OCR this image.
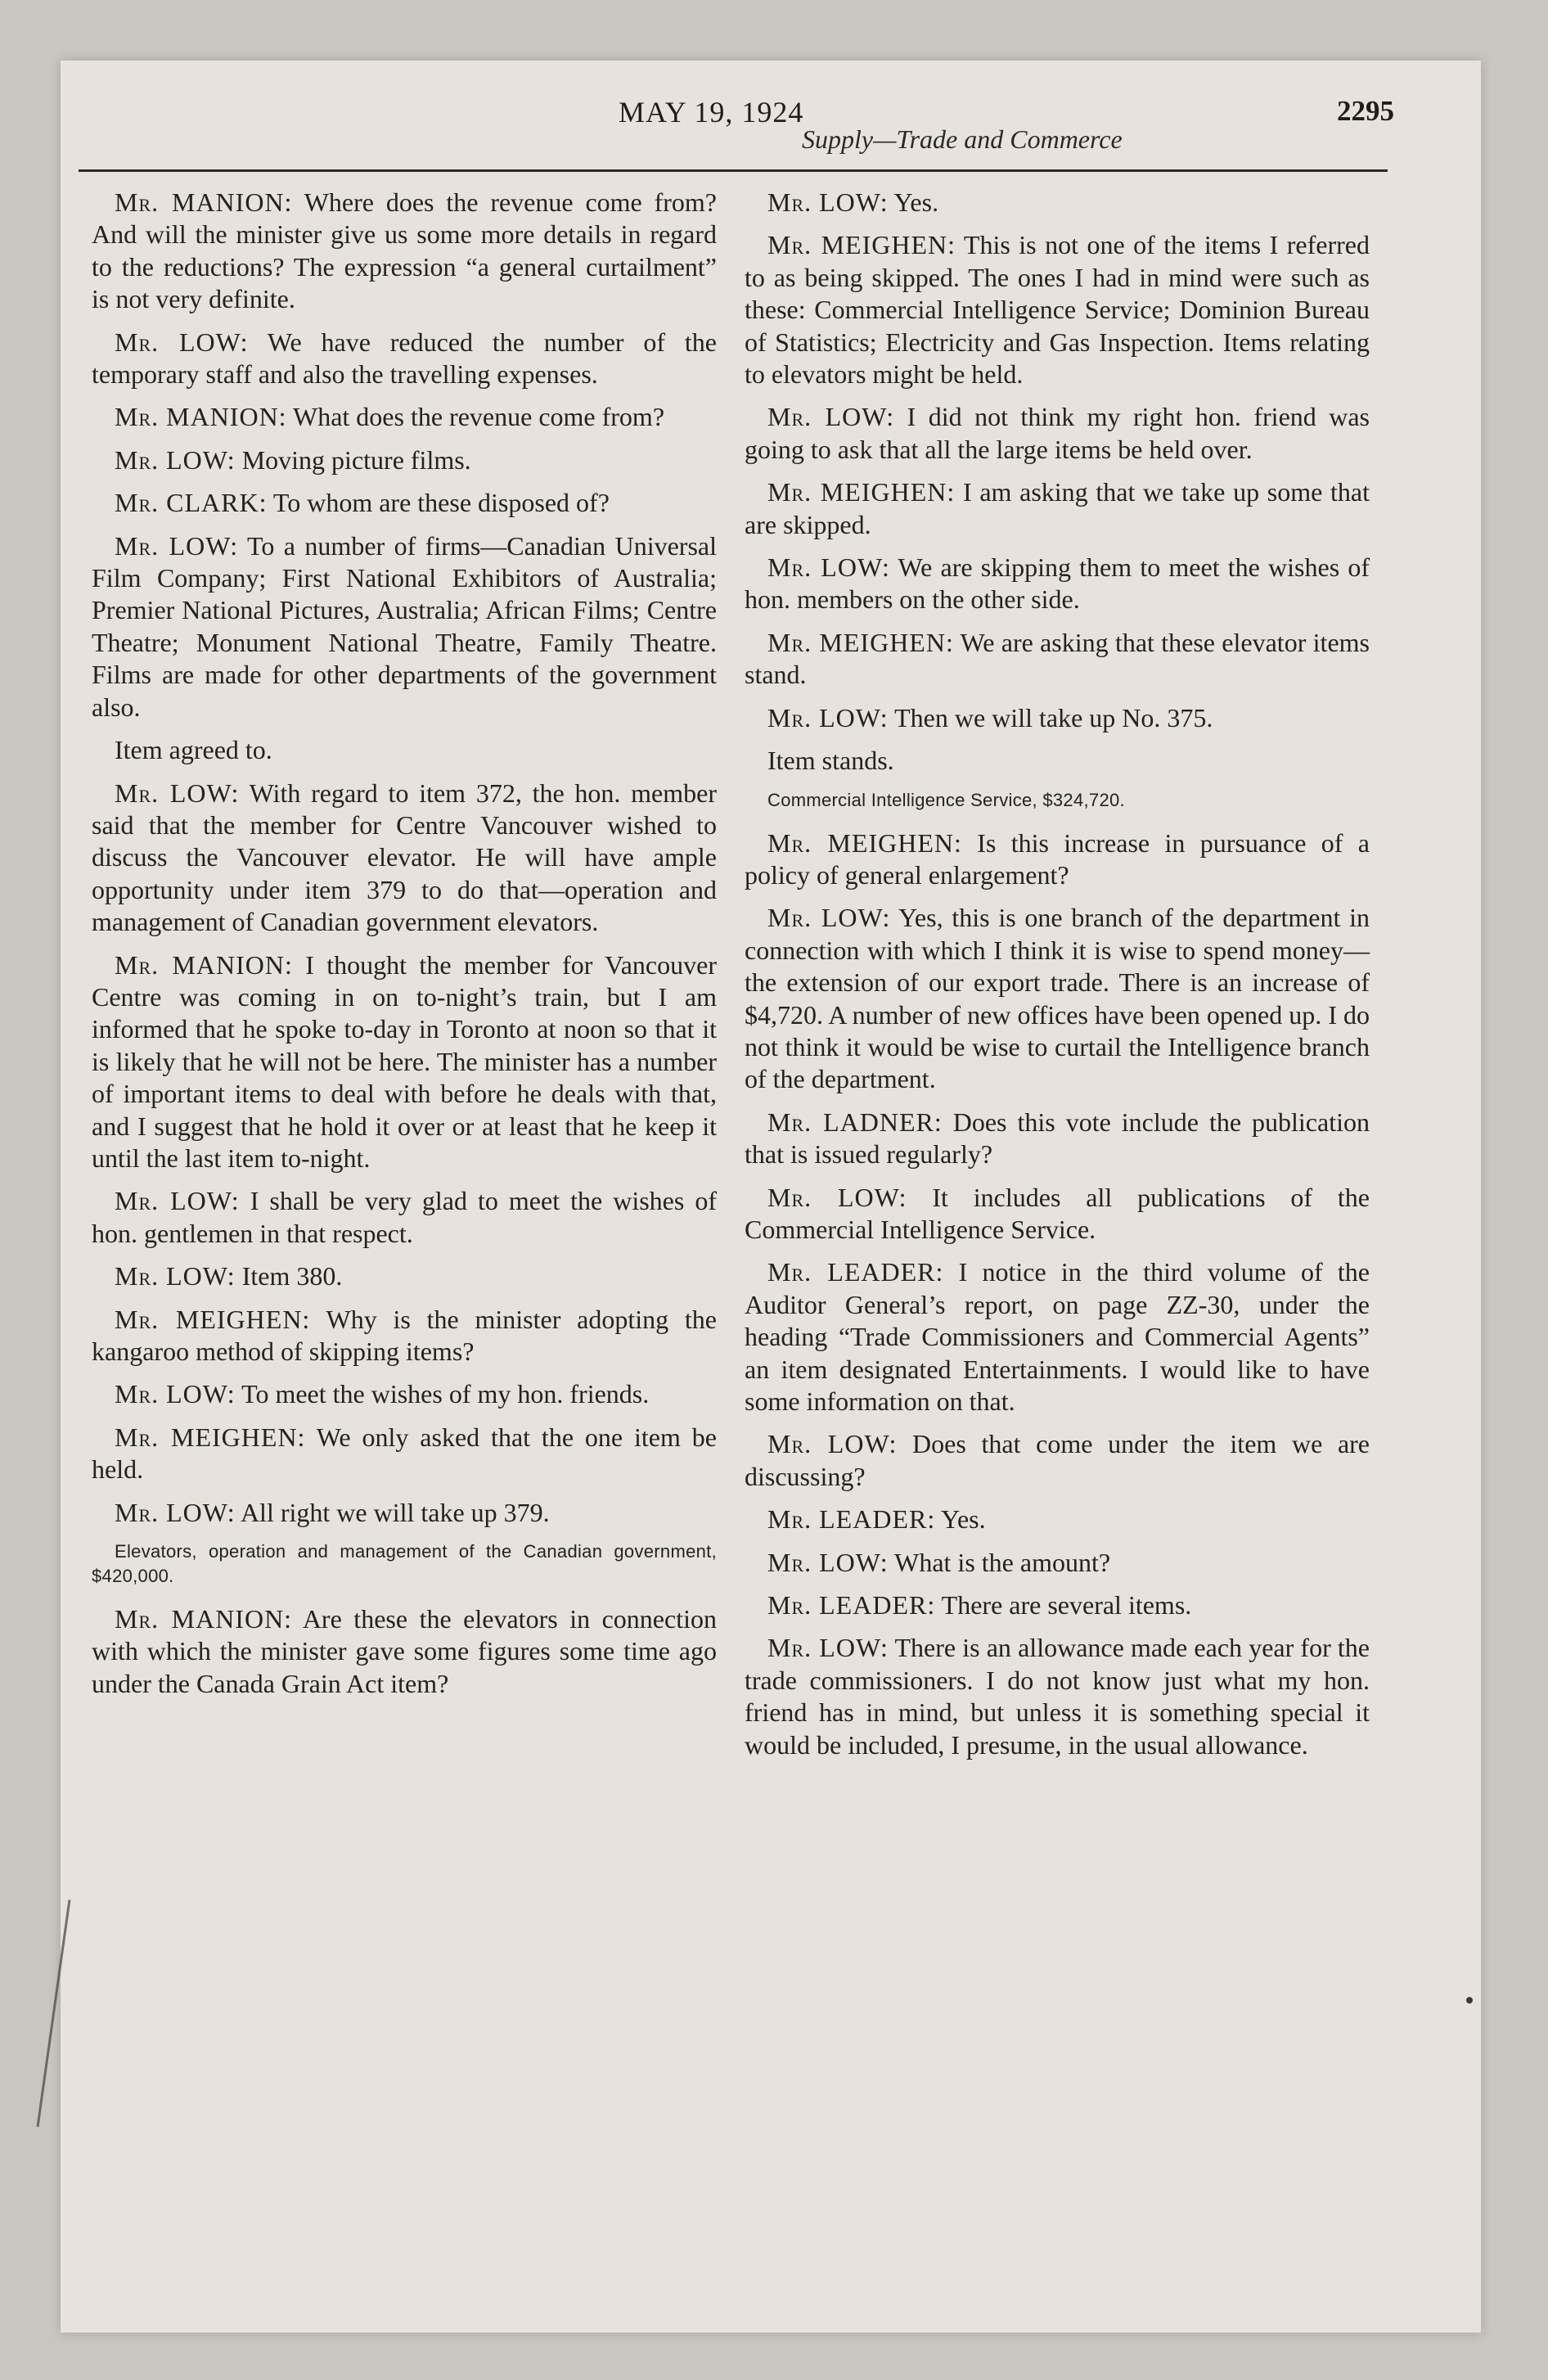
MAY 19, 1924	2295
Supply—Trade and Commerce

Mr. MANION: Where does the revenue come from? And will the minister give us some more details in regard to the reductions? The expression “a general curtailment” is not very definite.

Mr. LOW: We have reduced the number of the temporary staff and also the travelling expenses.

Mr. MANION: What does the revenue come from?

Mr. LOW: Moving picture films.

Mr. CLARK: To whom are these disposed of?

Mr. LOW: To a number of firms—Canadian Universal Film Company; First National Exhibitors of Australia; Premier National Pictures, Australia; African Films; Centre Theatre; Monument National Theatre, Family Theatre. Films are made for other departments of the government also.

Item agreed to.

Mr. LOW: With regard to item 372, the hon. member said that the member for Centre Vancouver wished to discuss the Vancouver elevator. He will have ample opportunity under item 379 to do that—operation and management of Canadian government elevators.

Mr. MANION: I thought the member for Vancouver Centre was coming in on to-night’s train, but I am informed that he spoke to-day in Toronto at noon so that it is likely that he will not be here. The minister has a number of important items to deal with before he deals with that, and I suggest that he hold it over or at least that he keep it until the last item to-night.

Mr. LOW: I shall be very glad to meet the wishes of hon. gentlemen in that respect.

Mr. LOW: Item 380.

Mr. MEIGHEN: Why is the minister adopting the kangaroo method of skipping items?

Mr. LOW: To meet the wishes of my hon. friends.

Mr. MEIGHEN: We only asked that the one item be held.

Mr. LOW: All right we will take up 379.

Elevators, operation and management of the Canadian government, $420,000.

Mr. MANION: Are these the elevators in connection with which the minister gave some figures some time ago under the Canada Grain Act item?

Mr. LOW: Yes.

Mr. MEIGHEN: This is not one of the items I referred to as being skipped. The ones I had in mind were such as these: Commercial Intelligence Service; Dominion Bureau of Statistics; Electricity and Gas Inspection. Items relating to elevators might be held.

Mr. LOW: I did not think my right hon. friend was going to ask that all the large items be held over.

Mr. MEIGHEN: I am asking that we take up some that are skipped.

Mr. LOW: We are skipping them to meet the wishes of hon. members on the other side.

Mr. MEIGHEN: We are asking that these elevator items stand.

Mr. LOW: Then we will take up No. 375.

Item stands.

Commercial Intelligence Service, $324,720.

Mr. MEIGHEN: Is this increase in pursuance of a policy of general enlargement?

Mr. LOW: Yes, this is one branch of the department in connection with which I think it is wise to spend money—the extension of our export trade. There is an increase of $4,720. A number of new offices have been opened up. I do not think it would be wise to curtail the Intelligence branch of the department.

Mr. LADNER: Does this vote include the publication that is issued regularly?

Mr. LOW: It includes all publications of the Commercial Intelligence Service.

Mr. LEADER: I notice in the third volume of the Auditor General’s report, on page ZZ-30, under the heading “Trade Commissioners and Commercial Agents” an item designated Entertainments. I would like to have some information on that.

Mr. LOW: Does that come under the item we are discussing?

Mr. LEADER: Yes.

Mr. LOW: What is the amount?

Mr. LEADER: There are several items.

Mr. LOW: There is an allowance made each year for the trade commissioners. I do not know just what my hon. friend has in mind, but unless it is something special it would be included, I presume, in the usual allowance.
